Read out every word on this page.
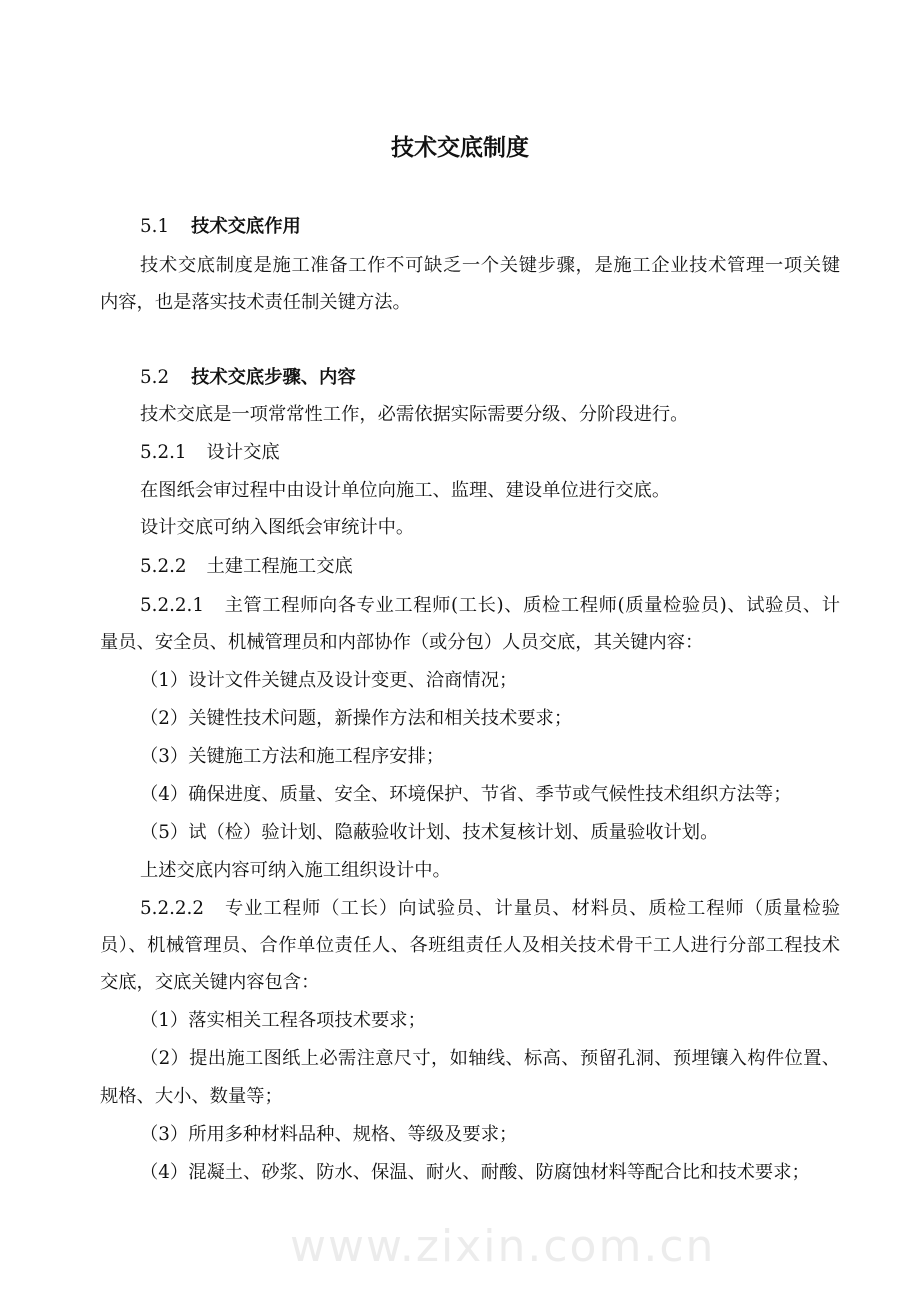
技术交底制度
5.1 技术交底作用
技术交底制度是施工准备工作不可缺乏一个关键步骤，是施工企业技术管理一项关键
内容，也是落实技术责任制关键方法。
5.2 技术交底步骤、内容
技术交底是一项常常性工作，必需依据实际需要分级、分阶段进行。
5.2.1 设计交底
在图纸会审过程中由设计单位向施工、监理、建设单位进行交底。
设计交底可纳入图纸会审统计中。
5.2.2 土建工程施工交底
5.2.2.1 主管工程师向各专业工程师(工长)、质检工程师(质量检验员)、试验员、计
量员、安全员、机械管理员和内部协作（或分包）人员交底，其关键内容：
（1）设计文件关键点及设计变更、洽商情况；
（2）关键性技术问题，新操作方法和相关技术要求；
（3）关键施工方法和施工程序安排；
（4）确保进度、质量、安全、环境保护、节省、季节或气候性技术组织方法等；
（5）试（检）验计划、隐蔽验收计划、技术复核计划、质量验收计划。
上述交底内容可纳入施工组织设计中。
5.2.2.2 专业工程师（工长）向试验员、计量员、材料员、质检工程师（质量检验
员）、机械管理员、合作单位责任人、各班组责任人及相关技术骨干工人进行分部工程技术
交底，交底关键内容包含：
（1）落实相关工程各项技术要求；
（2）提出施工图纸上必需注意尺寸，如轴线、标高、预留孔洞、预埋镶入构件位置、
规格、大小、数量等；
（3）所用多种材料品种、规格、等级及要求；
（4）混凝土、砂浆、防水、保温、耐火、耐酸、防腐蚀材料等配合比和技术要求；
www.zixin.com.cn
